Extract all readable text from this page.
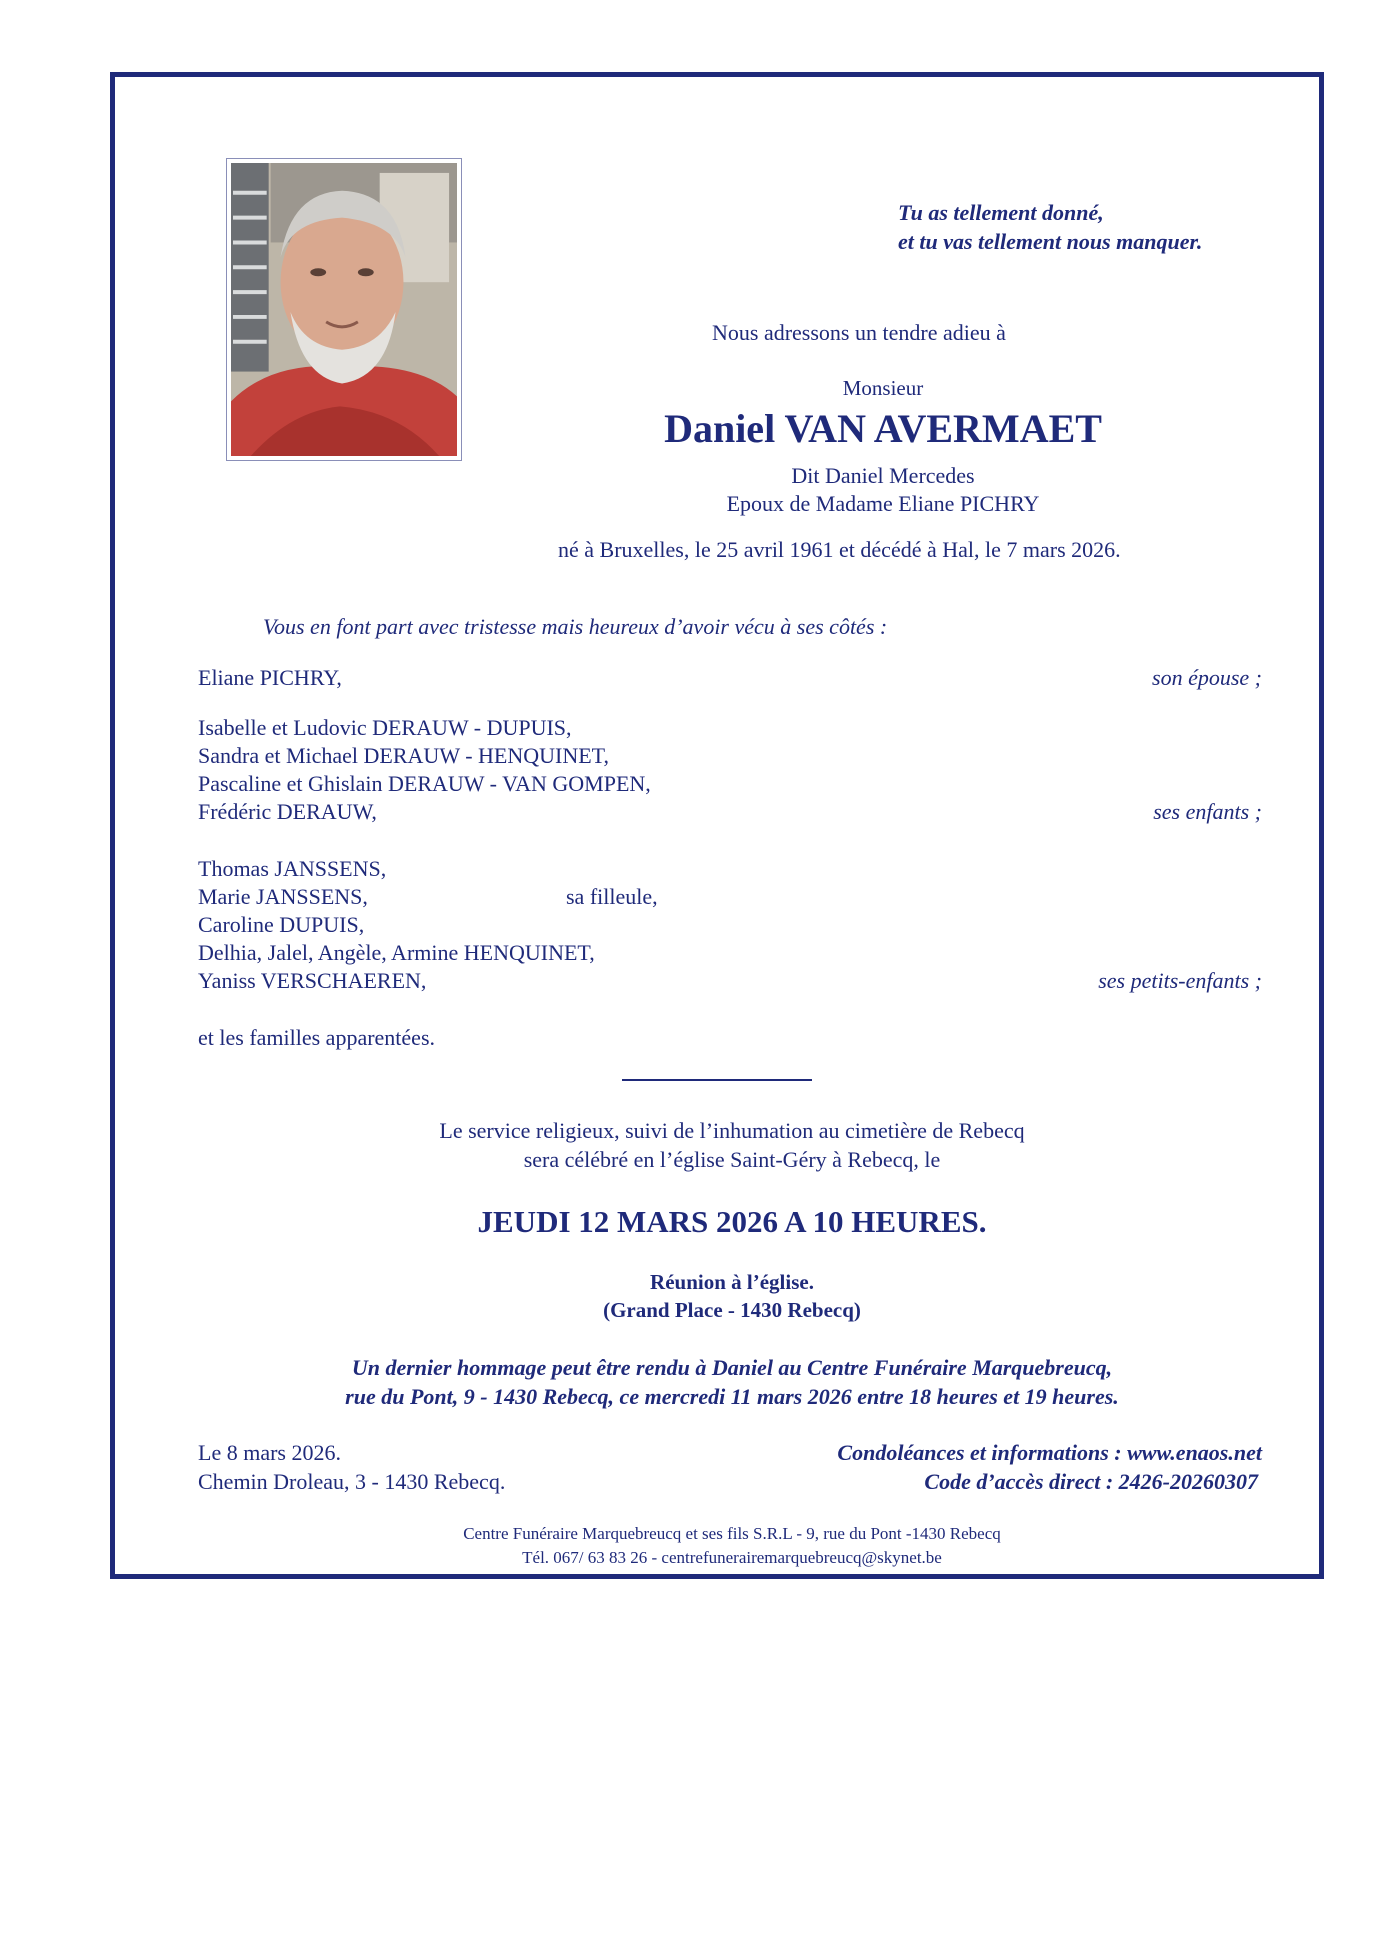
Tu as tellement donné,
et tu vas tellement nous manquer.
Nous adressons un tendre adieu à
Monsieur
Daniel VAN AVERMAET
Dit Daniel Mercedes
Epoux de Madame Eliane PICHRY
né à Bruxelles, le 25 avril 1961 et décédé à Hal, le 7 mars 2026.
Vous en font part avec tristesse mais heureux d’avoir vécu à ses côtés :
Eliane PICHRY,	son épouse ;
Isabelle et Ludovic DERAUW - DUPUIS,
Sandra et Michael DERAUW - HENQUINET,
Pascaline et Ghislain DERAUW - VAN GOMPEN,
Frédéric DERAUW,	ses enfants ;
Thomas JANSSENS,
Marie JANSSENS,	sa filleule,
Caroline DUPUIS,
Delhia, Jalel, Angèle, Armine HENQUINET,
Yaniss VERSCHAEREN,	ses petits-enfants ;
et les familles apparentées.
Le service religieux, suivi de l’inhumation au cimetière de Rebecq
sera célébré en l’église Saint-Géry à Rebecq, le
JEUDI 12 MARS 2026 A 10 HEURES.
Réunion à l’église.
(Grand Place - 1430 Rebecq)
Un dernier hommage peut être rendu à Daniel au Centre Funéraire Marquebreucq,
rue du Pont, 9 - 1430 Rebecq, ce mercredi 11 mars 2026 entre 18 heures et 19 heures.
Le 8 mars 2026.
Chemin Droleau, 3 - 1430 Rebecq.
Condoléances et informations : www.enaos.net
Code d’accès direct : 2426-20260307
Centre Funéraire Marquebreucq et ses fils S.R.L - 9, rue du Pont -1430 Rebecq
Tél. 067/ 63 83 26 - centrefunerairemarquebreucq@skynet.be
